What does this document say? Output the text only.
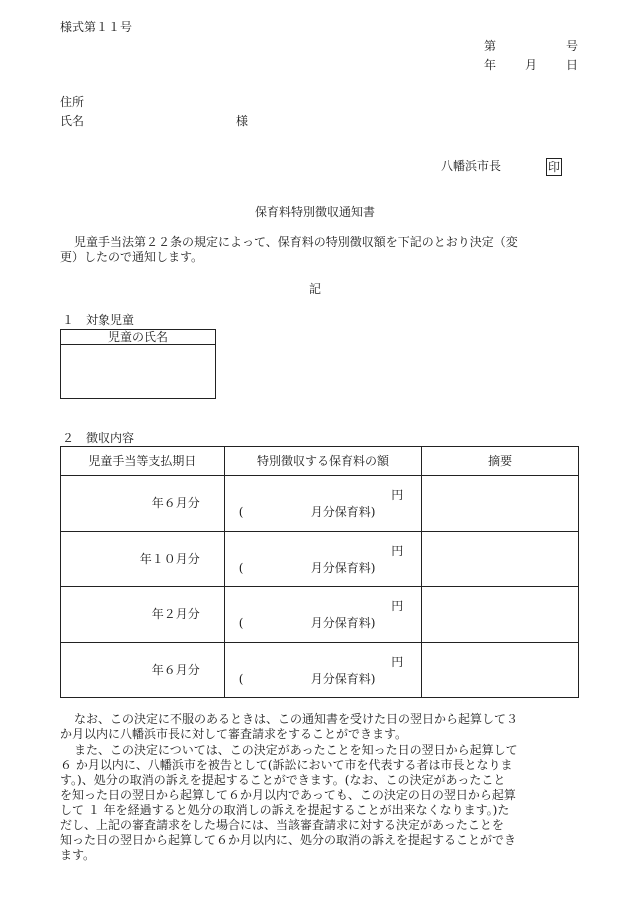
様式第１１号
第	号
年 月 日
住所
氏名	様
八幡浜市長	印
保育料特別徴収通知書
児童手当法第２２条の規定によって、保育料の特別徴収額を下記のとおり決定（変
更）したので通知します。
記
１　対象児童
児童の氏名

２　徴収内容
児童手当等支払期日	特別徴収する保育料の額	摘要
年６月分	円
( 月分保育料)	

年１０月分	円
( 月分保育料)	

年２月分	円
( 月分保育料)	

年６月分	円
( 月分保育料)	

なお、この決定に不服のあるときは、この通知書を受けた日の翌日から起算して３
か月以内に八幡浜市長に対して審査請求をすることができます。
また、この決定については、この決定があったことを知った日の翌日から起算して
６ か月以内に、八幡浜市を被告として(訴訟において市を代表する者は市長となりま
す。)、処分の取消の訴えを提起することができます。(なお、この決定があったこと
を知った日の翌日から起算して６か月以内であっても、この決定の日の翌日から起算
して １ 年を経過すると処分の取消しの訴えを提起することが出来なくなります。)た
だし、上記の審査請求をした場合には、当該審査請求に対する決定があったことを
知った日の翌日から起算して６か月以内に、処分の取消の訴えを提起することができ
ます。
